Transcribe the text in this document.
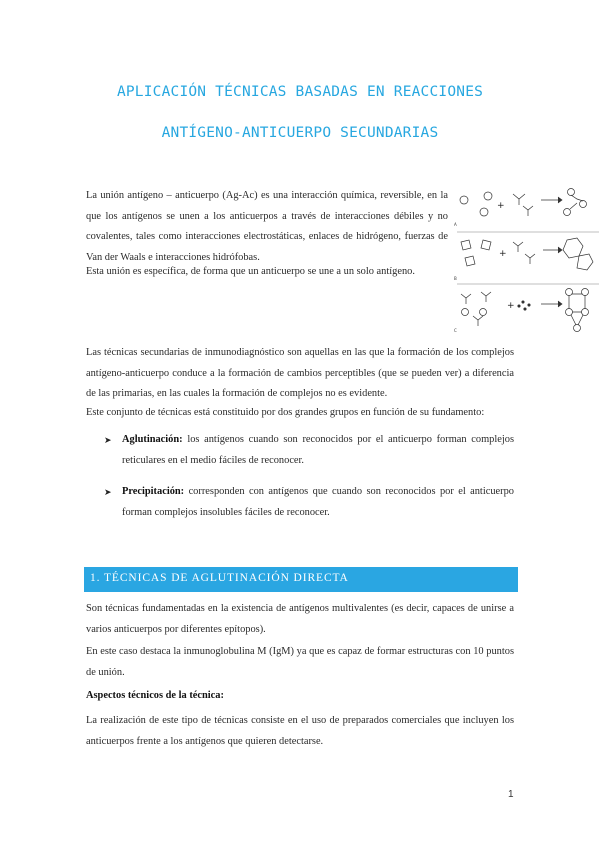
APLICACIÓN TÉCNICAS BASADAS EN REACCIONES
ANTÍGENO-ANTICUERPO SECUNDARIAS
La unión antígeno – anticuerpo (Ag-Ac) es una interacción química, reversible, en la que los antígenos se unen a los anticuerpos a través de interacciones débiles y no covalentes, tales como interacciones electrostáticas, enlaces de hidrógeno, fuerzas de Van der Waals e interacciones hidrófobas.
Esta unión es específica, de forma que un anticuerpo se une a un solo antígeno.
A
+
B
+
C
+
Las técnicas secundarias de inmunodiagnóstico son aquellas en las que la formación de los complejos antígeno-anticuerpo conduce a la formación de cambios perceptibles (que se pueden ver) a diferencia de las primarias, en las cuales la formación de complejos no es evidente.
Este conjunto de técnicas está constituido por dos grandes grupos en función de su fundamento:
➤ Aglutinación: los antígenos cuando son reconocidos por el anticuerpo forman complejos reticulares en el medio fáciles de reconocer.
➤ Precipitación: corresponden con antígenos que cuando son reconocidos por el anticuerpo forman complejos insolubles fáciles de reconocer.
1. TÉCNICAS DE AGLUTINACIÓN DIRECTA
Son técnicas fundamentadas en la existencia de antígenos multivalentes (es decir, capaces de unirse a varios anticuerpos por diferentes epítopos).
En este caso destaca la inmunoglobulina M (IgM) ya que es capaz de formar estructuras con 10 puntos de unión.
Aspectos técnicos de la técnica:
La realización de este tipo de técnicas consiste en el uso de preparados comerciales que incluyen los anticuerpos frente a los antígenos que quieren detectarse.
1
